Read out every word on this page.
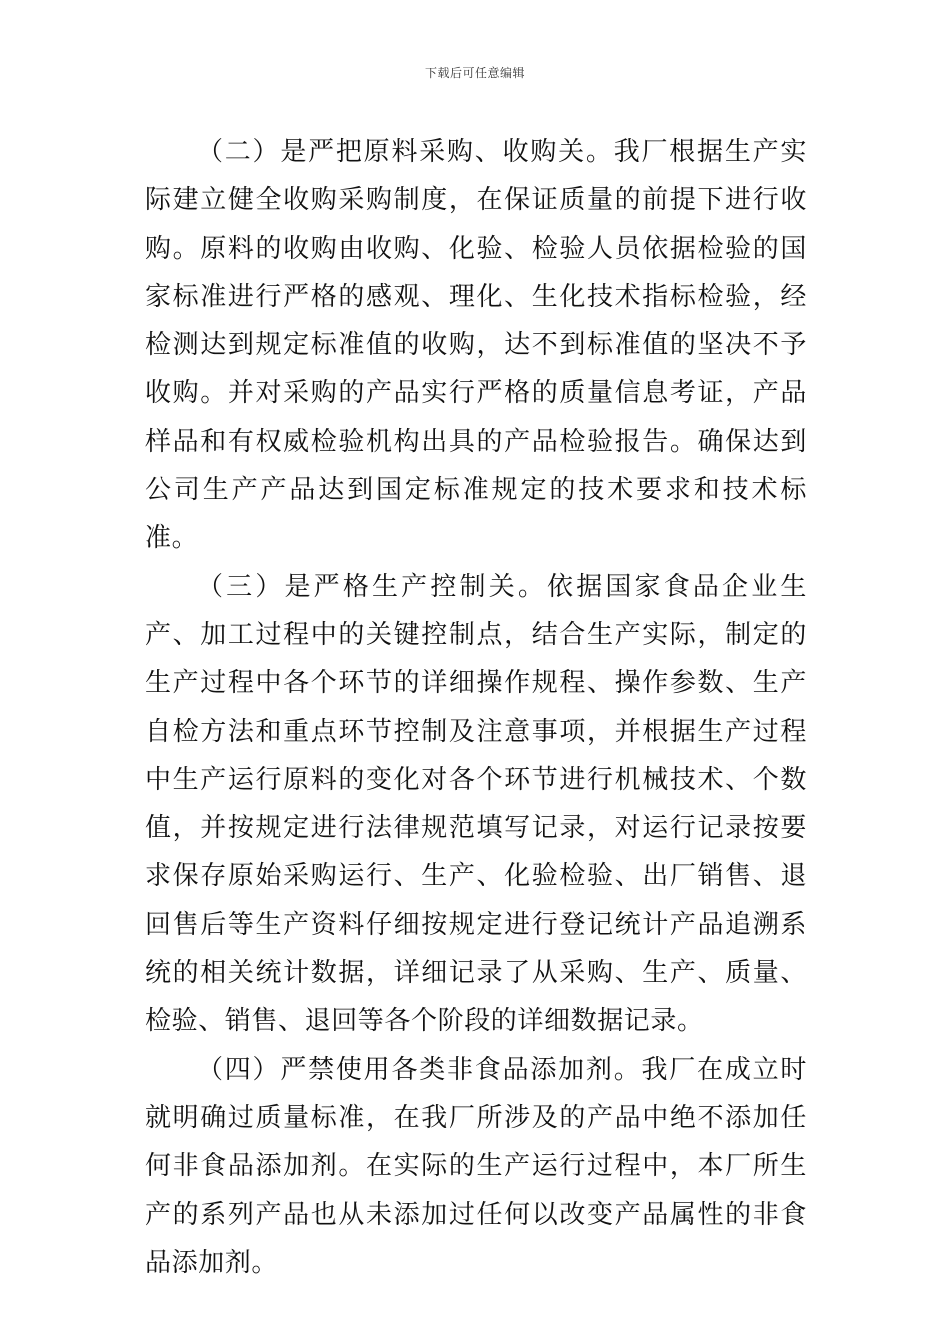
下载后可任意编辑

（二）是严把原料采购、收购关。我厂根据生产实际建立健全收购采购制度，在保证质量的前提下进行收购。原料的收购由收购、化验、检验人员依据检验的国家标准进行严格的感观、理化、生化技术指标检验，经检测达到规定标准值的收购，达不到标准值的坚决不予收购。并对采购的产品实行严格的质量信息考证，产品样品和有权威检验机构出具的产品检验报告。确保达到公司生产产品达到国定标准规定的技术要求和技术标准。

（三）是严格生产控制关。依据国家食品企业生产、加工过程中的关键控制点，结合生产实际，制定的生产过程中各个环节的详细操作规程、操作参数、生产自检方法和重点环节控制及注意事项，并根据生产过程中生产运行原料的变化对各个环节进行机械技术、个数值，并按规定进行法律规范填写记录，对运行记录按要求保存原始采购运行、生产、化验检验、出厂销售、退回售后等生产资料仔细按规定进行登记统计产品追溯系统的相关统计数据，详细记录了从采购、生产、质量、检验、销售、退回等各个阶段的详细数据记录。

（四）严禁使用各类非食品添加剂。我厂在成立时就明确过质量标准，在我厂所涉及的产品中绝不添加任何非食品添加剂。在实际的生产运行过程中，本厂所生产的系列产品也从未添加过任何以改变产品属性的非食品添加剂。
